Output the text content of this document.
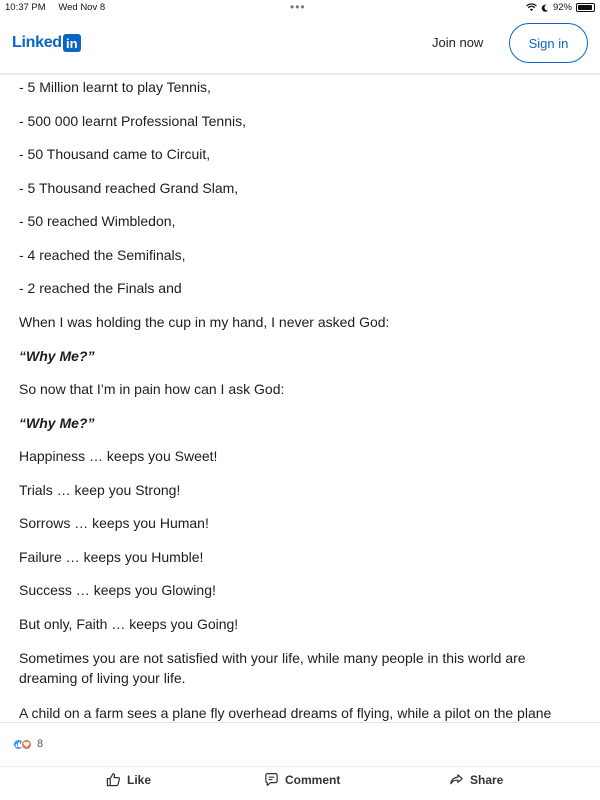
10:37 PM Wed Nov 8	•••	92%
Linked in	Join now	Sign in
- 5 Million learnt to play Tennis,
- 500 000 learnt Professional Tennis,
- 50 Thousand came to Circuit,
- 5 Thousand reached Grand Slam,
- 50 reached Wimbledon,
- 4 reached the Semifinals,
- 2 reached the Finals and
When I was holding the cup in my hand, I never asked God:
“Why Me?”
So now that I’m in pain how can I ask God:
“Why Me?”
Happiness … keeps you Sweet!
Trials … keep you Strong!
Sorrows … keeps you Human!
Failure … keeps you Humble!
Success … keeps you Glowing!
But only, Faith … keeps you Going!
Sometimes you are not satisfied with your life, while many people in this world are dreaming of living your life.
A child on a farm sees a plane fly overhead dreams of flying, while a pilot on the plane
8
Like	Comment	Share
